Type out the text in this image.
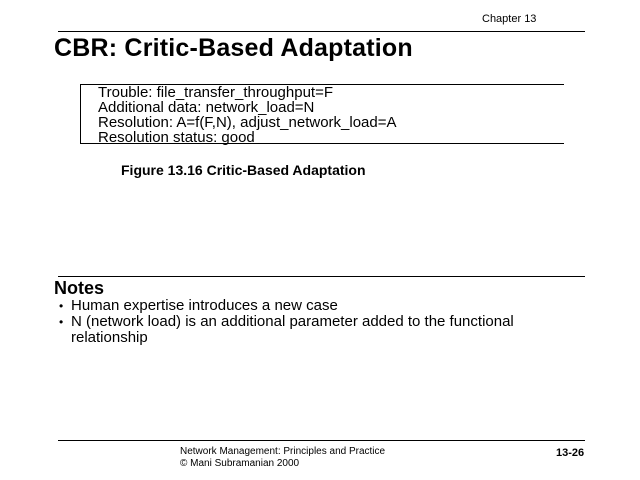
Chapter 13
CBR: Critic-Based Adaptation
Trouble: file_transfer_throughput=F
Additional data: network_load=N
Resolution: A=f(F,N), adjust_network_load=A
Resolution status: good
Figure 13.16 Critic-Based Adaptation
Notes
• Human expertise introduces a new case
• N (network load) is an additional parameter added to the functional relationship
Network Management: Principles and Practice
© Mani Subramanian 2000
13-26
